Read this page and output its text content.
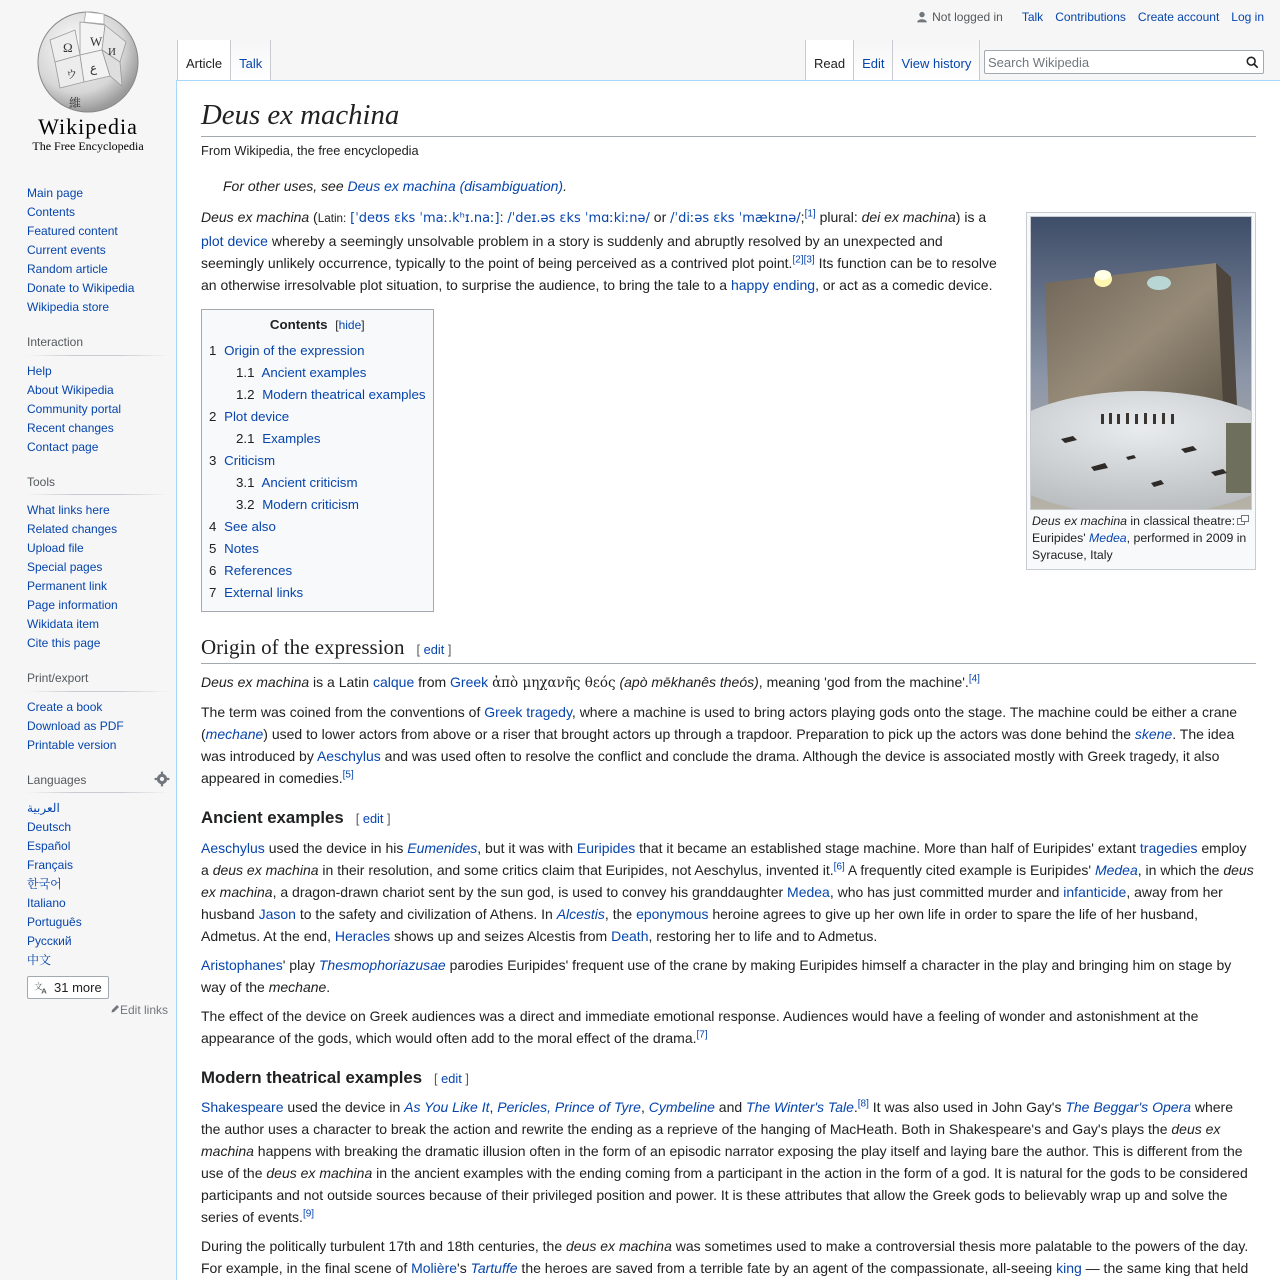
Ω W
И
ウ ع
維
Wikipedia
The Free Encyclopedia
Not logged in Talk Contributions Create account Log in
Article Talk	Read Edit View history
Search Wikipedia
Main page
Contents
Featured content
Current events
Random article
Donate to Wikipedia
Wikipedia store
Interaction
Help
About Wikipedia
Community portal
Recent changes
Contact page
Tools
What links here
Related changes
Upload file
Special pages
Permanent link
Page information
Wikidata item
Cite this page
Print/export
Create a book
Download as PDF
Printable version
Languages
العربية
Deutsch
Español
Français
한국어
Italiano
Português
Русский
中文
文
A 31 more
Edit links
Deus ex machina
From Wikipedia, the free encyclopedia
For other uses, see Deus ex machina (disambiguation).
Deus ex machina in classical theatre: Euripides' Medea, performed in 2009 in Syracuse, Italy

Deus ex machina (Latin: [ˈdeʊs ɛks ˈmaː.kʰɪ.naː]: /ˈdeɪ.əs ɛks ˈmɑːkiːnə/ or /ˈdiːəs ɛks ˈmækɪnə/;[1] plural: dei ex machina) is a plot device whereby a seemingly unsolvable problem in a story is suddenly and abruptly resolved by an unexpected and seemingly unlikely occurrence, typically to the point of being perceived as a contrived plot point.[2][3] Its function can be to resolve an otherwise irresolvable plot situation, to surprise the audience, to bring the tale to a happy ending, or act as a comedic device.

Contents [hide]
1 Origin of the expression
1.1 Ancient examples
1.2 Modern theatrical examples
2 Plot device
2.1 Examples
3 Criticism
3.1 Ancient criticism
3.2 Modern criticism
4 See also
5 Notes
6 References
7 External links
Origin of the expression [ edit ]

Deus ex machina is a Latin calque from Greek ἀπὸ μηχανῆς θεός (apò mēkhanês theós), meaning 'god from the machine'.[4]

The term was coined from the conventions of Greek tragedy, where a machine is used to bring actors playing gods onto the stage. The machine could be either a crane (mechane) used to lower actors from above or a riser that brought actors up through a trapdoor. Preparation to pick up the actors was done behind the skene. The idea was introduced by Aeschylus and was used often to resolve the conflict and conclude the drama. Although the device is associated mostly with Greek tragedy, it also appeared in comedies.[5]

Ancient examples [ edit ]

Aeschylus used the device in his Eumenides, but it was with Euripides that it became an established stage machine. More than half of Euripides' extant tragedies employ a deus ex machina in their resolution, and some critics claim that Euripides, not Aeschylus, invented it.[6] A frequently cited example is Euripides' Medea, in which the deus ex machina, a dragon-drawn chariot sent by the sun god, is used to convey his granddaughter Medea, who has just committed murder and infanticide, away from her husband Jason to the safety and civilization of Athens. In Alcestis, the eponymous heroine agrees to give up her own life in order to spare the life of her husband, Admetus. At the end, Heracles shows up and seizes Alcestis from Death, restoring her to life and to Admetus.

Aristophanes' play Thesmophoriazusae parodies Euripides' frequent use of the crane by making Euripides himself a character in the play and bringing him on stage by way of the mechane.

The effect of the device on Greek audiences was a direct and immediate emotional response. Audiences would have a feeling of wonder and astonishment at the appearance of the gods, which would often add to the moral effect of the drama.[7]

Modern theatrical examples [ edit ]

Shakespeare used the device in As You Like It, Pericles, Prince of Tyre, Cymbeline and The Winter's Tale.[8] It was also used in John Gay's The Beggar's Opera where the author uses a character to break the action and rewrite the ending as a reprieve of the hanging of MacHeath. Both in Shakespeare's and Gay's plays the deus ex machina happens with breaking the dramatic illusion often in the form of an episodic narrator exposing the play itself and laying bare the author. This is different from the use of the deus ex machina in the ancient examples with the ending coming from a participant in the action in the form of a god. It is natural for the gods to be considered participants and not outside sources because of their privileged position and power. It is these attributes that allow the Greek gods to believably wrap up and solve the series of events.[9]

During the politically turbulent 17th and 18th centuries, the deus ex machina was sometimes used to make a controversial thesis more palatable to the powers of the day. For example, in the final scene of Molière's Tartuffe the heroes are saved from a terrible fate by an agent of the compassionate, all-seeing king — the same king that held
